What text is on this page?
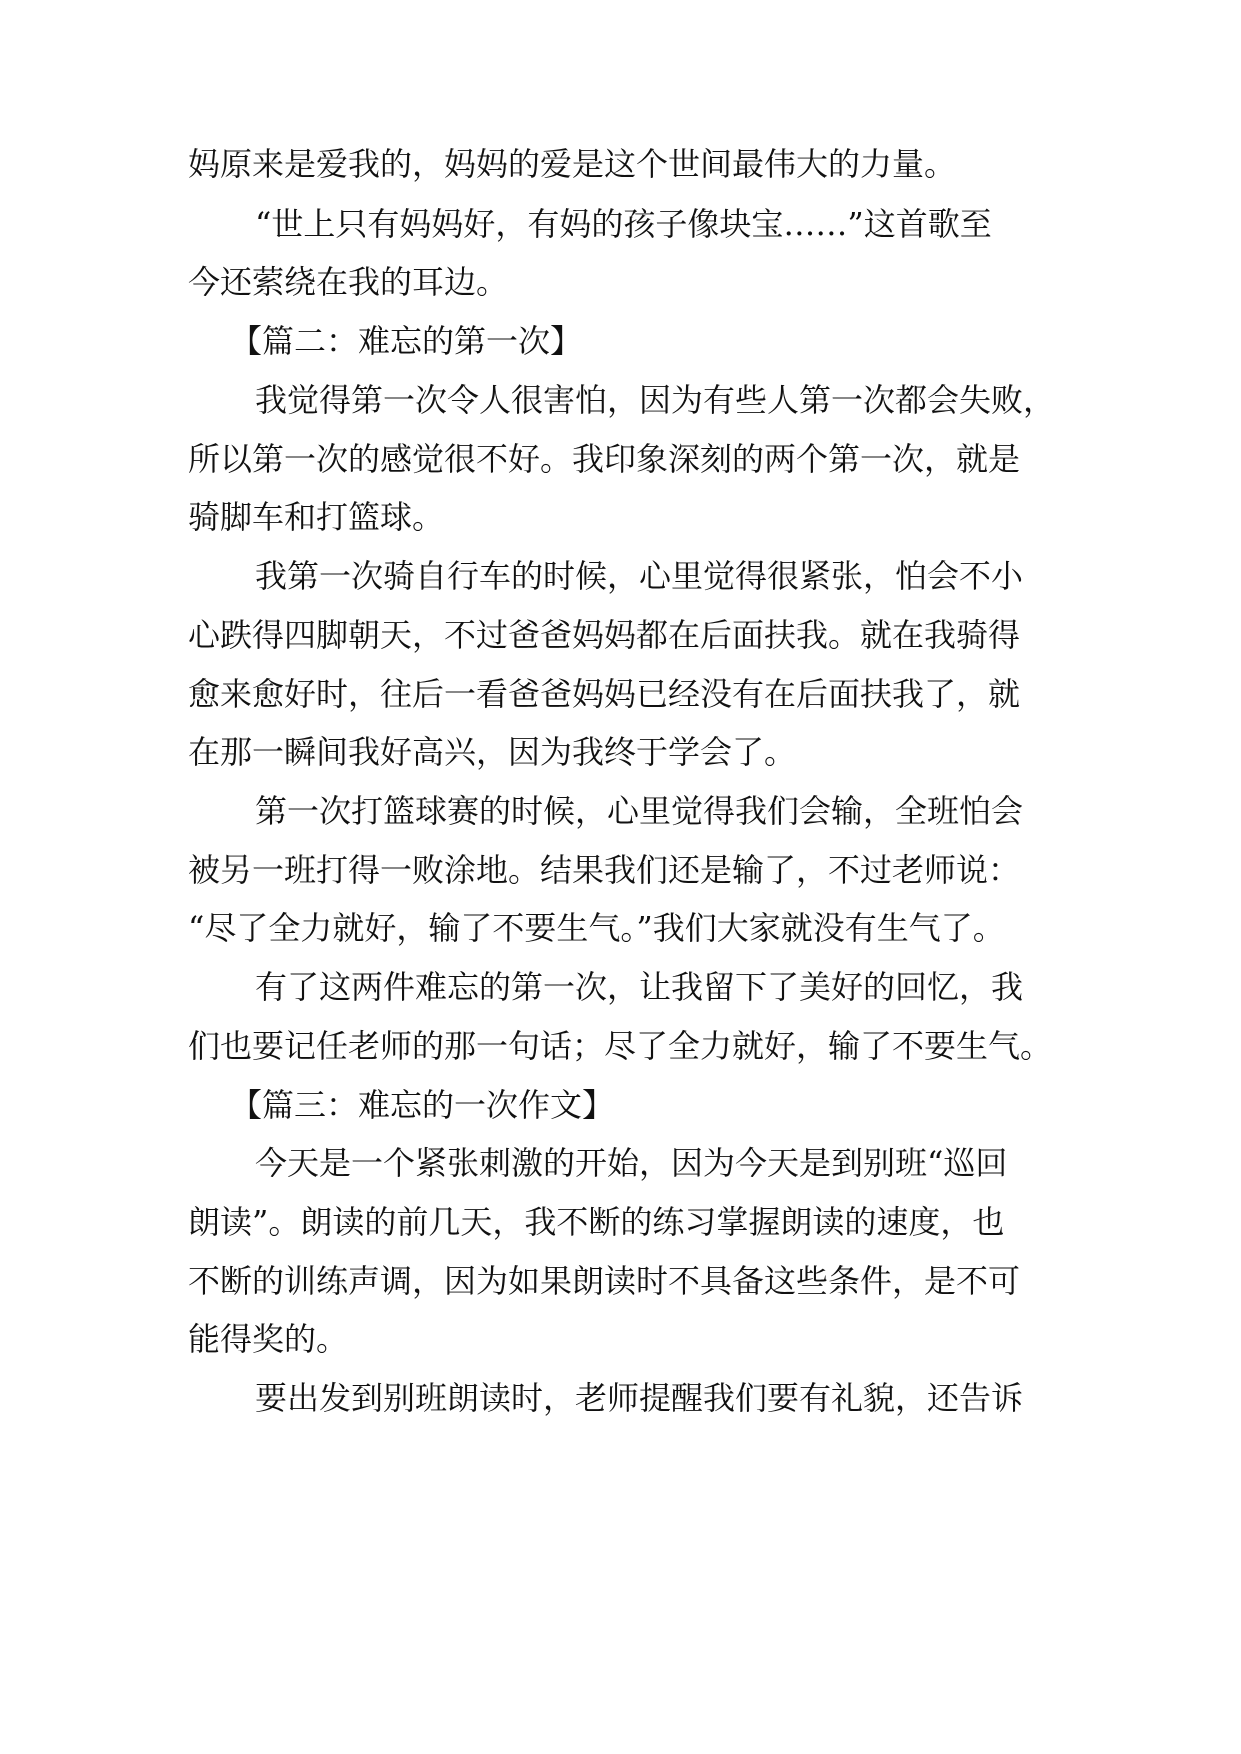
妈原来是爱我的，妈妈的爱是这个世间最伟大的力量。
“世上只有妈妈好，有妈的孩子像块宝……”这首歌至
今还萦绕在我的耳边。
【篇二：难忘的第一次】
我觉得第一次令人很害怕，因为有些人第一次都会失败，
所以第一次的感觉很不好。我印象深刻的两个第一次，就是
骑脚车和打篮球。
我第一次骑自行车的时候，心里觉得很紧张，怕会不小
心跌得四脚朝天，不过爸爸妈妈都在后面扶我。就在我骑得
愈来愈好时，往后一看爸爸妈妈已经没有在后面扶我了，就
在那一瞬间我好高兴，因为我终于学会了。
第一次打篮球赛的时候，心里觉得我们会输，全班怕会
被另一班打得一败涂地。结果我们还是输了，不过老师说：
“尽了全力就好，输了不要生气。”我们大家就没有生气了。
有了这两件难忘的第一次，让我留下了美好的回忆，我
们也要记任老师的那一句话；尽了全力就好，输了不要生气。
【篇三：难忘的一次作文】
今天是一个紧张刺激的开始，因为今天是到别班“巡回
朗读”。朗读的前几天，我不断的练习掌握朗读的速度，也
不断的训练声调，因为如果朗读时不具备这些条件，是不可
能得奖的。
要出发到别班朗读时，老师提醒我们要有礼貌，还告诉
